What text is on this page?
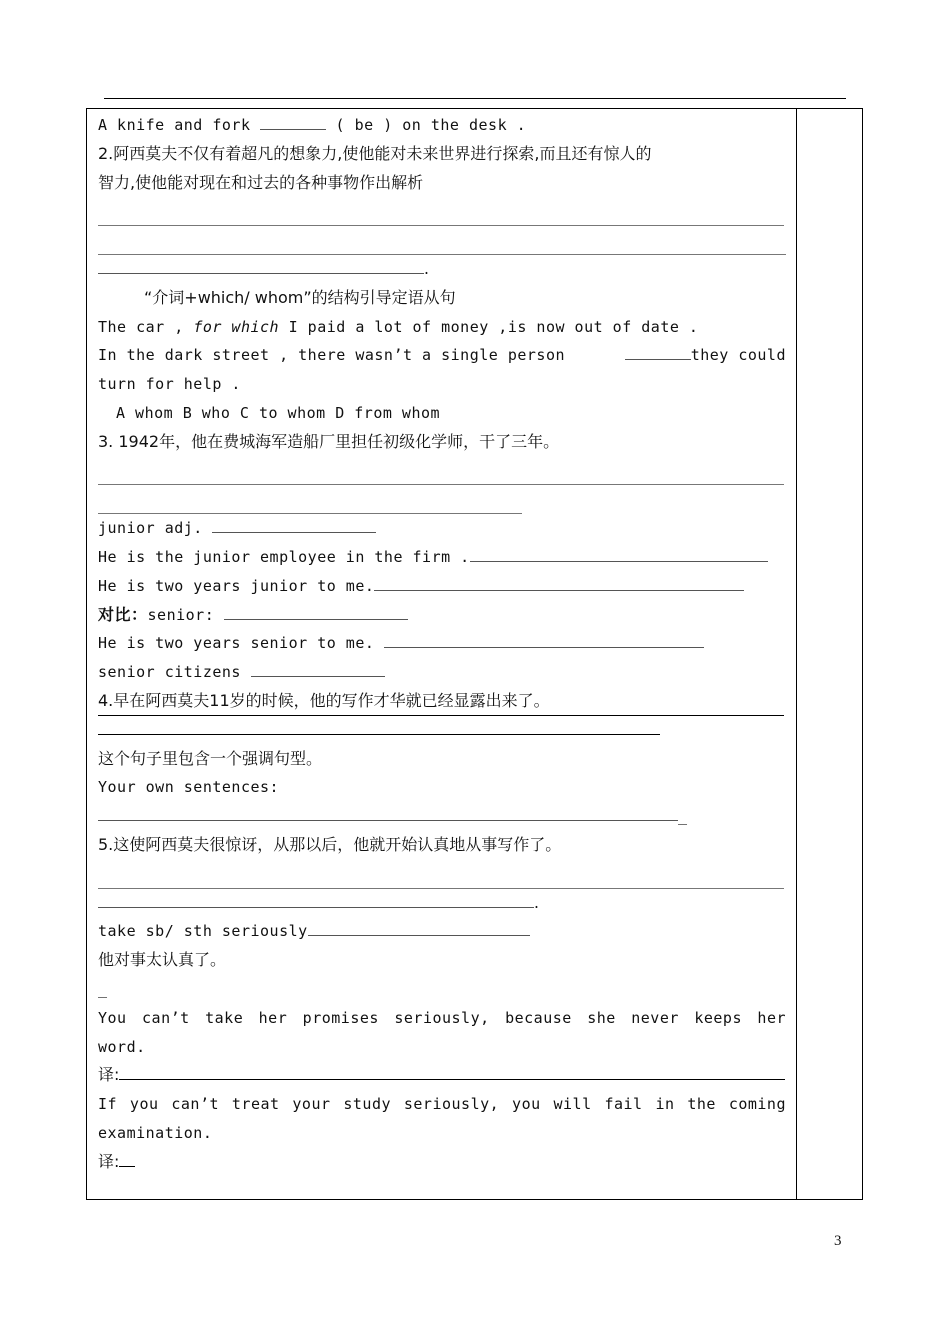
A knife and fork	( be ) on the desk .
2.阿西莫夫不仅有着超凡的想象力,使他能对未来世界进行探索,而且还有惊人的
智力,使他能对现在和过去的各种事物作出解析
.
“介词+which/ whom”的结构引导定语从句
The car , for which I paid a lot of money ,is now out of date .
In the dark street , there wasn’t a single person	they could
turn for help .
A whom B who C to whom D from whom
3. 1942年，他在费城海军造船厂里担任初级化学师，干了三年。
junior adj.
He is the junior employee in the firm .
He is two years junior to me.
对比：senior:
He is two years senior to me.
senior citizens
4.早在阿西莫夫11岁的时候，他的写作才华就已经显露出来了。
这个句子里包含一个强调句型。
Your own sentences:
_
5.这使阿西莫夫很惊讶，从那以后，他就开始认真地从事写作了。
.
take sb/ sth seriously
他对事太认真了。
_
You can’t take her promises seriously, because she never keeps her
word.
译:
If you can’t treat your study seriously, you will fail in the coming
examination.
译:
3
